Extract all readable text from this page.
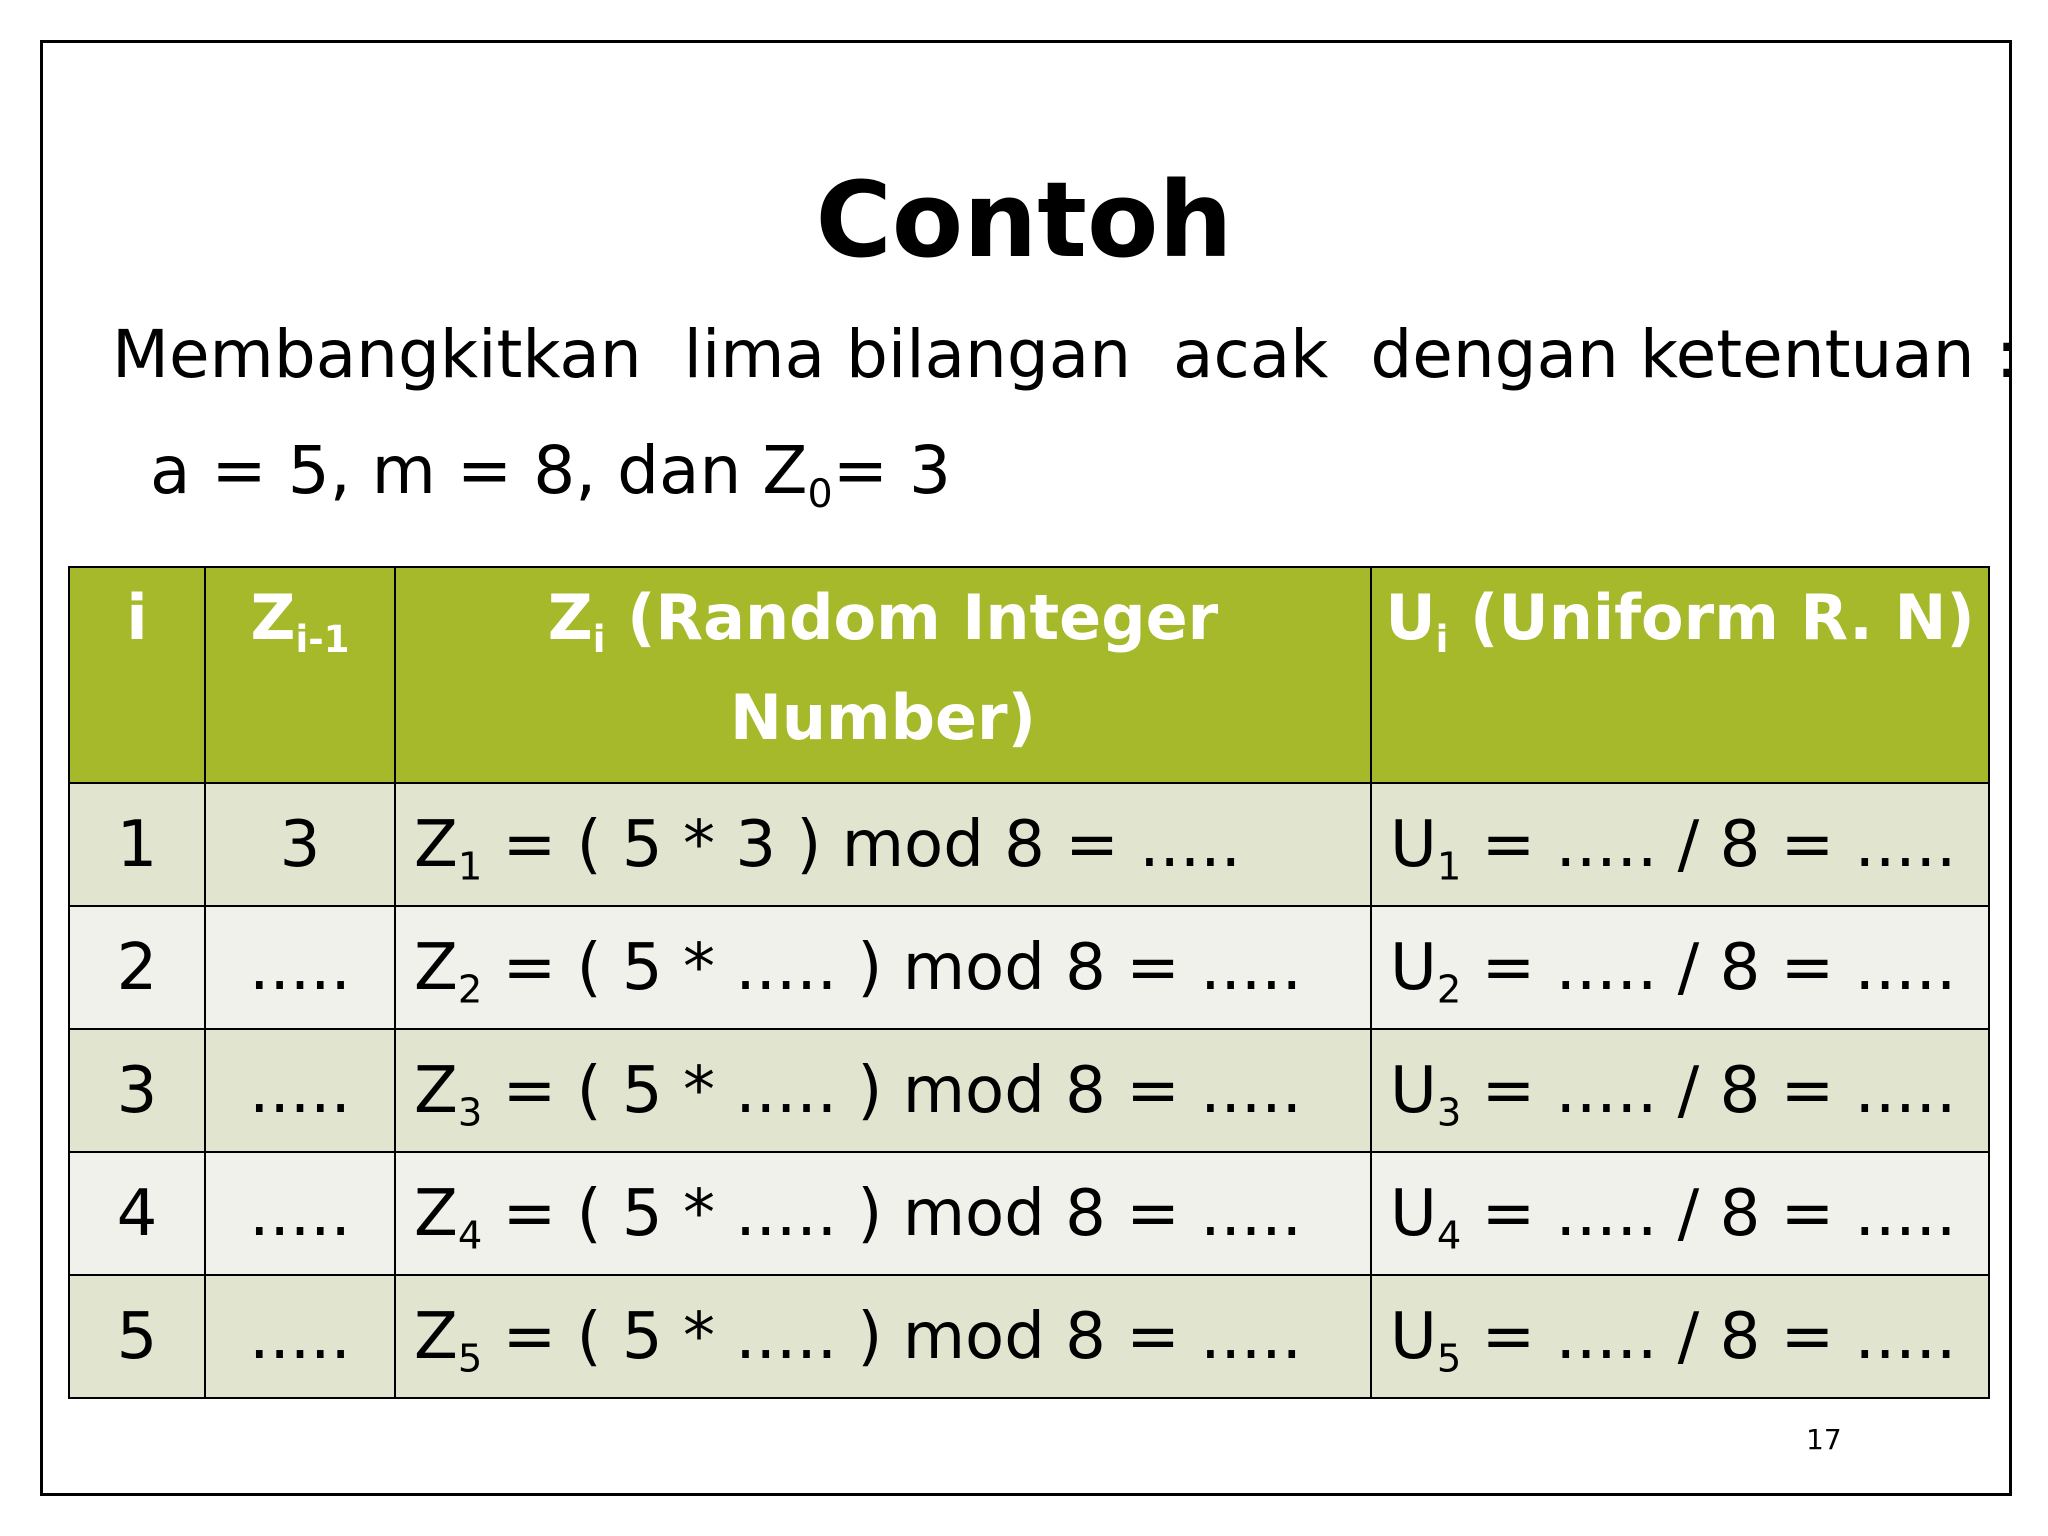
Contoh
Membangkitkan  lima bilangan  acak  dengan ketentuan :
a = 5, m = 8, dan $Z_0= 3$
i	$Z_{i-1}$	$Z_i$ (Random Integer Number)	$U_i$ (Uniform R. N)
1	3	$Z_1$ = ( 5 * 3 ) mod 8 = .....	$U_1$ = ..... / 8 = .....
2	.....	$Z_2$ = ( 5 * ..... ) mod 8 = .....	$U_2$ = ..... / 8 = .....
3	.....	$Z_3$ = ( 5 * ..... ) mod 8 = .....	$U_3$ = ..... / 8 = .....
4	.....	$Z_4$ = ( 5 * ..... ) mod 8 = .....	$U_4$ = ..... / 8 = .....
5	.....	$Z_5$ = ( 5 * ..... ) mod 8 = .....	$U_5$ = ..... / 8 = .....
17
